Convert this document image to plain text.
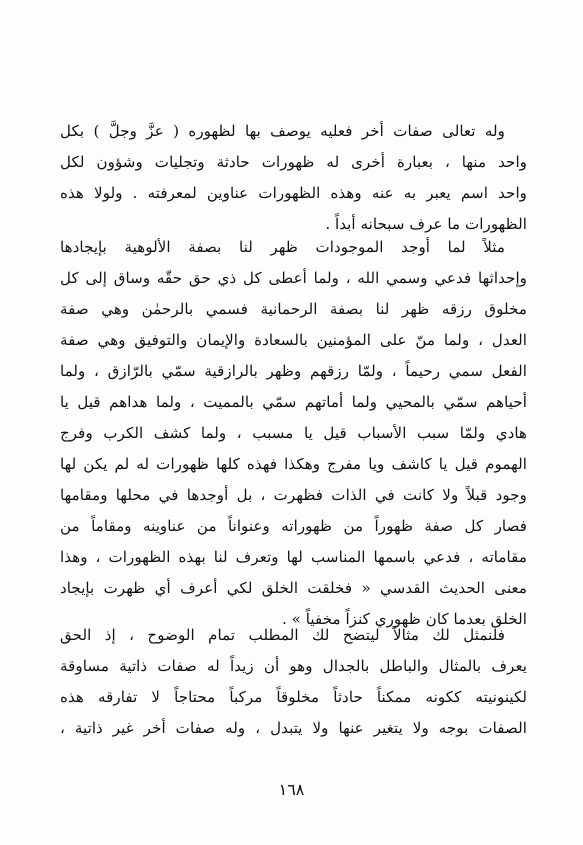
وله تعالى صفات أخر فعليه يوصف بها لظهوره ( عزَّ وجلَّ ) بكل
واحد منها ، بعبارة أخرى له ظهورات حادثة وتجليات وشؤون لكل
واحد اسم يعبر به عنه وهذه الظهورات عناوين لمعرفته . ولولا هذه
الظهورات ما عرف سبحانه أبداً .
مثلاً لما أوجد الموجودات ظهر لنا بصفة الألوهية بإيجادها
وإحداثها فدعي وسمي الله ، ولما أعطى كل ذي حق حقّه وساق إلى كل
مخلوق رزقه ظهر لنا بصفة الرحمانية فسمي بالرحمٰن وهي صفة
العدل ، ولما منّ على المؤمنين بالسعادة والإيمان والتوفيق وهي صفة
الفعل سمي رحيماً ، ولمّا رزقهم وظهر بالرازقية سمّي بالرّازق ، ولما
أحياهم سمّي بالمحيي ولما أماتهم سمّي بالمميت ، ولما هداهم قيل يا
هادي ولمّا سبب الأسباب قيل يا مسبب ، ولما كشف الكرب وفرج
الهموم قيل يا كاشف ويا مفرج وهكذا فهذه كلها ظهورات له لم يكن لها
وجود قبلاً ولا كانت في الذات فظهرت ، بل أوجدها في محلها ومقامها
فصار كل صفة ظهوراً من ظهوراته وعنواناً من عناوينه ومقاماً من
مقاماته ، فدعي باسمها المناسب لها وتعرف لنا بهذه الظهورات ، وهذا
معنى الحديث القدسي « فخلقت الخلق لكي أعرف أي ظهرت بإيجاد
الخلق بعدما كان ظهوري كنزاً مخفياً » .
فلنمثل لك مثالاً ليتضح لك المطلب تمام الوضوح ، إذ الحق
يعرف بالمثال والباطل بالجدال وهو أن زيداً له صفات ذاتية مساوقة
لكينونيته ككونه ممكناً حادثاً مخلوقاً مركباً محتاجاً لا تفارقه هذه
الصفات بوجه ولا يتغير عنها ولا يتبدل ، وله صفات أخر غير ذاتية ،
١٦٨
